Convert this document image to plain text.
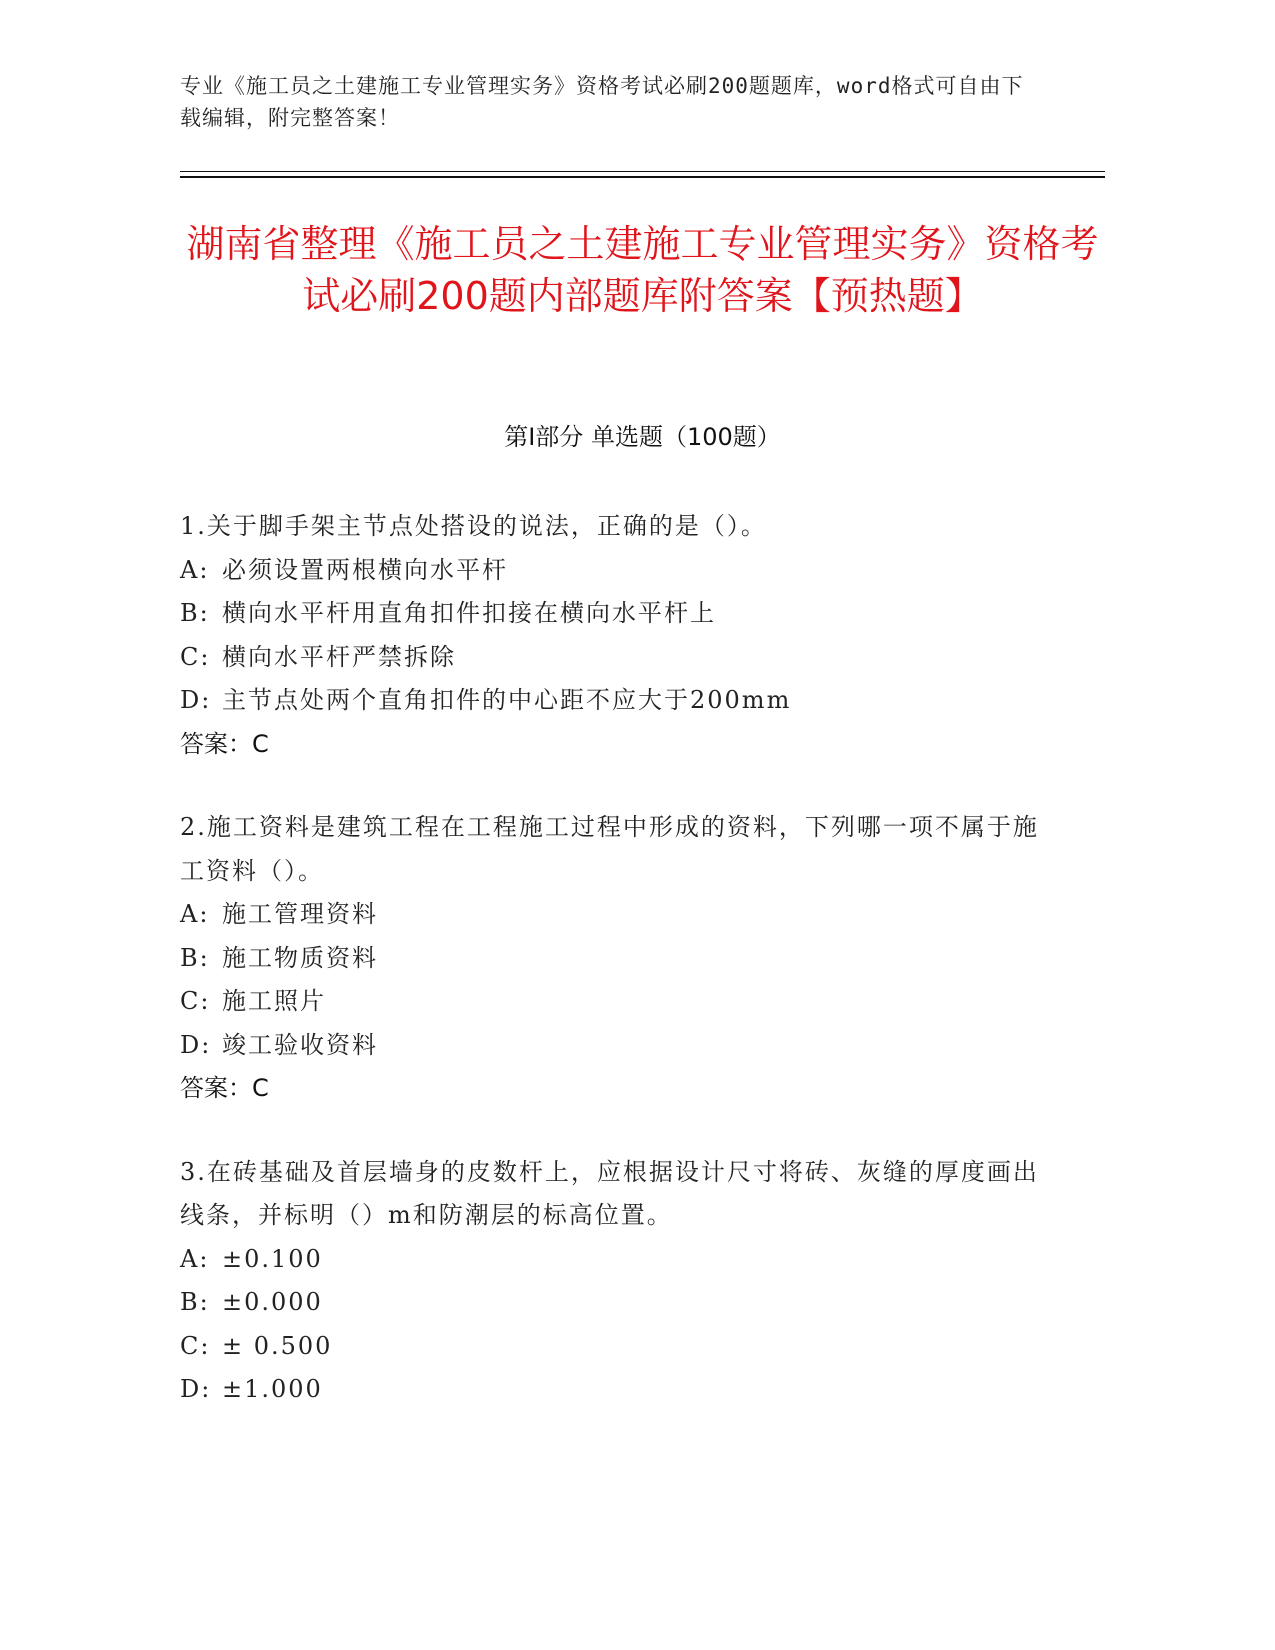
专业《施工员之土建施工专业管理实务》资格考试必刷200题题库，word格式可自由下载编辑，附完整答案！
湖南省整理《施工员之土建施工专业管理实务》资格考试必刷200题内部题库附答案【预热题】
第Ⅰ部分 单选题（100题）
1.关于脚手架主节点处搭设的说法，正确的是（）。
A: 必须设置两根横向水平杆
B: 横向水平杆用直角扣件扣接在横向水平杆上
C: 横向水平杆严禁拆除
D: 主节点处两个直角扣件的中心距不应大于200mm
答案：C
2.施工资料是建筑工程在工程施工过程中形成的资料，下列哪一项不属于施工资料（）。
A: 施工管理资料
B: 施工物质资料
C: 施工照片
D: 竣工验收资料
答案：C
3.在砖基础及首层墙身的皮数杆上，应根据设计尺寸将砖、灰缝的厚度画出线条，并标明（）m和防潮层的标高位置。
A: ±0.100
B: ±0.000
C: ± 0.500
D: ±1.000
